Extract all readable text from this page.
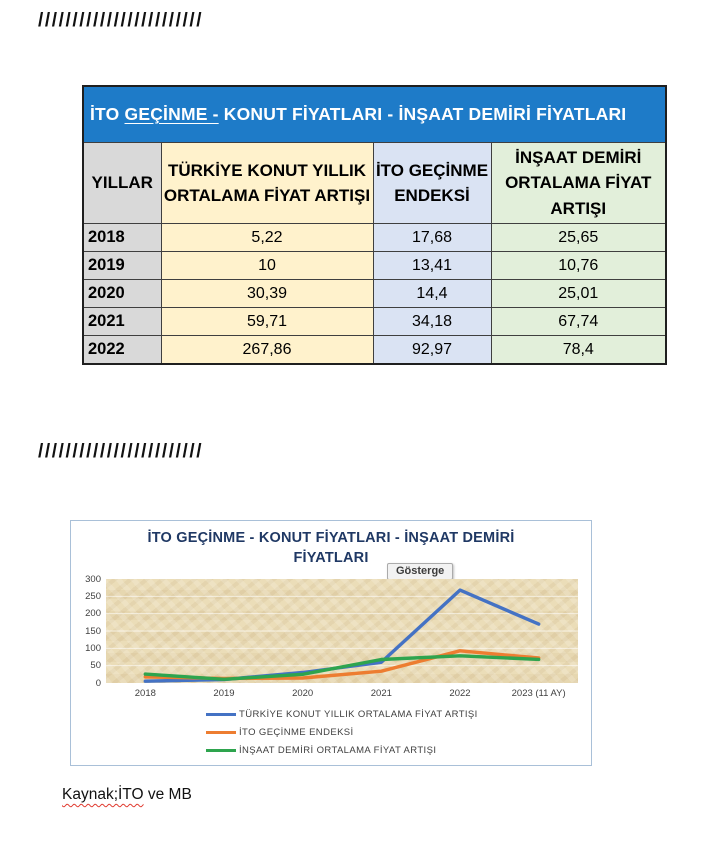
////////////////////////
İTO GEÇİNME - KONUT FİYATLARI - İNŞAAT DEMİRİ FİYATLARI			
YILLAR	TÜRKİYE KONUT YILLIK ORTALAMA FİYAT ARTIŞI	İTO GEÇİNME ENDEKSİ	İNŞAAT DEMİRİ ORTALAMA FİYAT ARTIŞI
2018	5,22	17,68	25,65
2019	10	13,41	10,76
2020	30,39	14,4	25,01
2021	59,71	34,18	67,74
2022	267,86	92,97	78,4
////////////////////////
İTO GEÇİNME - KONUT FİYATLARI - İNŞAAT DEMİRİ FİYATLARI
Gösterge
0
50
100
150
200
250
300
2018	2019	2020	2021	2022	2023 (11 AY)
TÜRKİYE KONUT YILLIK ORTALAMA FİYAT ARTIŞI
İTO GEÇİNME ENDEKSİ
İNŞAAT DEMİRİ ORTALAMA FİYAT ARTIŞI
Kaynak;İTO ve MB
